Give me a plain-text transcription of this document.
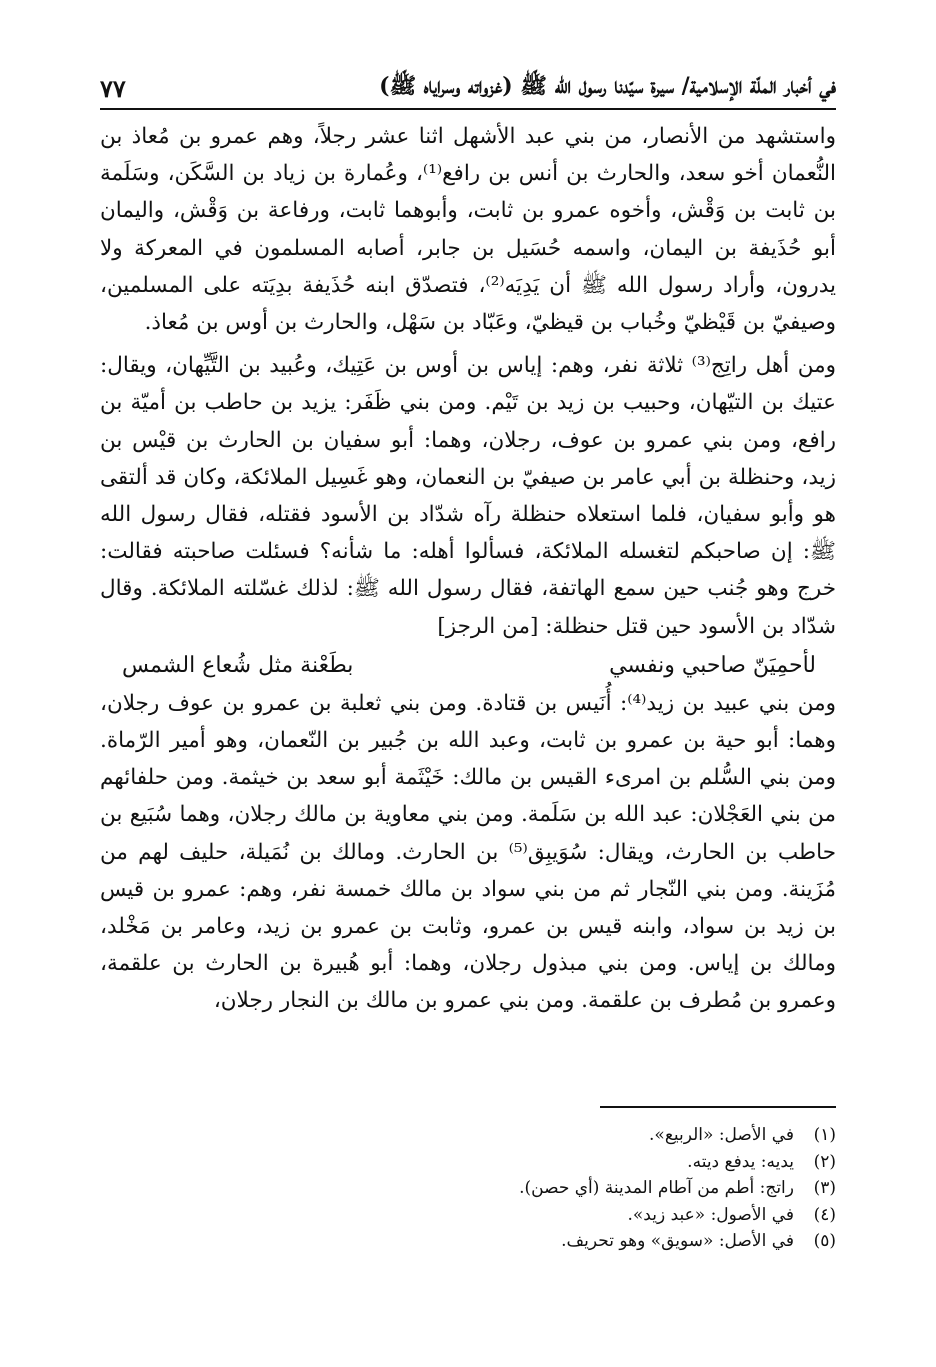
في أخبار الملّة الإسلامية/ سيرة سيّدنا رسول الله ﷺ (غزواته وسراياه ﷺ)
٧٧

واستشهد من الأنصار، من بني عبد الأشهل اثنا عشر رجلاً، وهم عمرو بن مُعاذ بن النُّعمان أخو سعد، والحارث بن أنس بن رافع⁽¹⁾، وعُمارة بن زياد بن السَّكَن، وسَلَمة بن ثابت بن وَقْش، وأخوه عمرو بن ثابت، وأبوهما ثابت، ورفاعة بن وَقْش، واليمان أبو حُذَيفة بن اليمان، واسمه حُسَيل بن جابر، أصابه المسلمون في المعركة ولا يدرون، وأراد رسول الله ﷺ أن يَدِيَه⁽²⁾، فتصدّق ابنه حُذَيفة بدِيَته على المسلمين، وصيفيّ بن قَيْظيّ وخُباب بن قيظيّ، وعَبّاد بن سَهْل، والحارث بن أوس بن مُعاذ.

ومن أهل راتِج⁽³⁾ ثلاثة نفر، وهم: إياس بن أوس بن عَتِيك، وعُبيد بن التَّيِّهان، ويقال: عتيك بن التيّهان، وحبيب بن زيد بن تَيْم. ومن بني ظَفَر: يزيد بن حاطب بن أميّة بن رافع، ومن بني عمرو بن عوف، رجلان، وهما: أبو سفيان بن الحارث بن قيْس بن زيد، وحنظلة بن أبي عامر بن صيفيّ بن النعمان، وهو غَسِيل الملائكة، وكان قد ألتقى هو وأبو سفيان، فلما استعلاه حنظلة رآه شدّاد بن الأسود فقتله، فقال رسول الله ﷺ: إن صاحبكم لتغسله الملائكة، فسألوا أهله: ما شأنه؟ فسئلت صاحبته فقالت: خرج وهو جُنب حين سمع الهاتفة، فقال رسول الله ﷺ: لذلك غسّلته الملائكة. وقال شدّاد بن الأسود حين قتل حنظلة: [من الرجز]

لأحمِيَنّ صاحبي ونفسي
بطَعْنة مثل شُعاع الشمس

ومن بني عبيد بن زيد⁽⁴⁾: أُنَيس بن قتادة. ومن بني ثعلبة بن عمرو بن عوف رجلان، وهما: أبو حية بن عمرو بن ثابت، وعبد الله بن جُبير بن النّعمان، وهو أمير الرّماة. ومن بني السُّلم بن امرىء القيس بن مالك: خَيْثَمة أبو سعد بن خيثمة. ومن حلفائهم من بني العَجْلان: عبد الله بن سَلَمة. ومن بني معاوية بن مالك رجلان، وهما سُبَيع بن حاطب بن الحارث، ويقال: سُوَيبِق⁽⁵⁾ بن الحارث. ومالك بن نُمَيلة، حليف لهم من مُزَينة. ومن بني النّجار ثم من بني سواد بن مالك خمسة نفر، وهم: عمرو بن قيس بن زيد بن سواد، وابنه قيس بن عمرو، وثابت بن عمرو بن زيد، وعامر بن مَخْلد، ومالك بن إياس. ومن بني مبذول رجلان، وهما: أبو هُبيرة بن الحارث بن علقمة، وعمرو بن مُطرف بن علقمة. ومن بني عمرو بن مالك بن النجار رجلان،

(١)
في الأصل: «الربيع».
(٢)
يديه: يدفع ديته.
(٣)
راتج: أطم من آطام المدينة (أي حصن).
(٤)
في الأصول: «عبد زيد».
(٥)
في الأصل: «سويق» وهو تحريف.
